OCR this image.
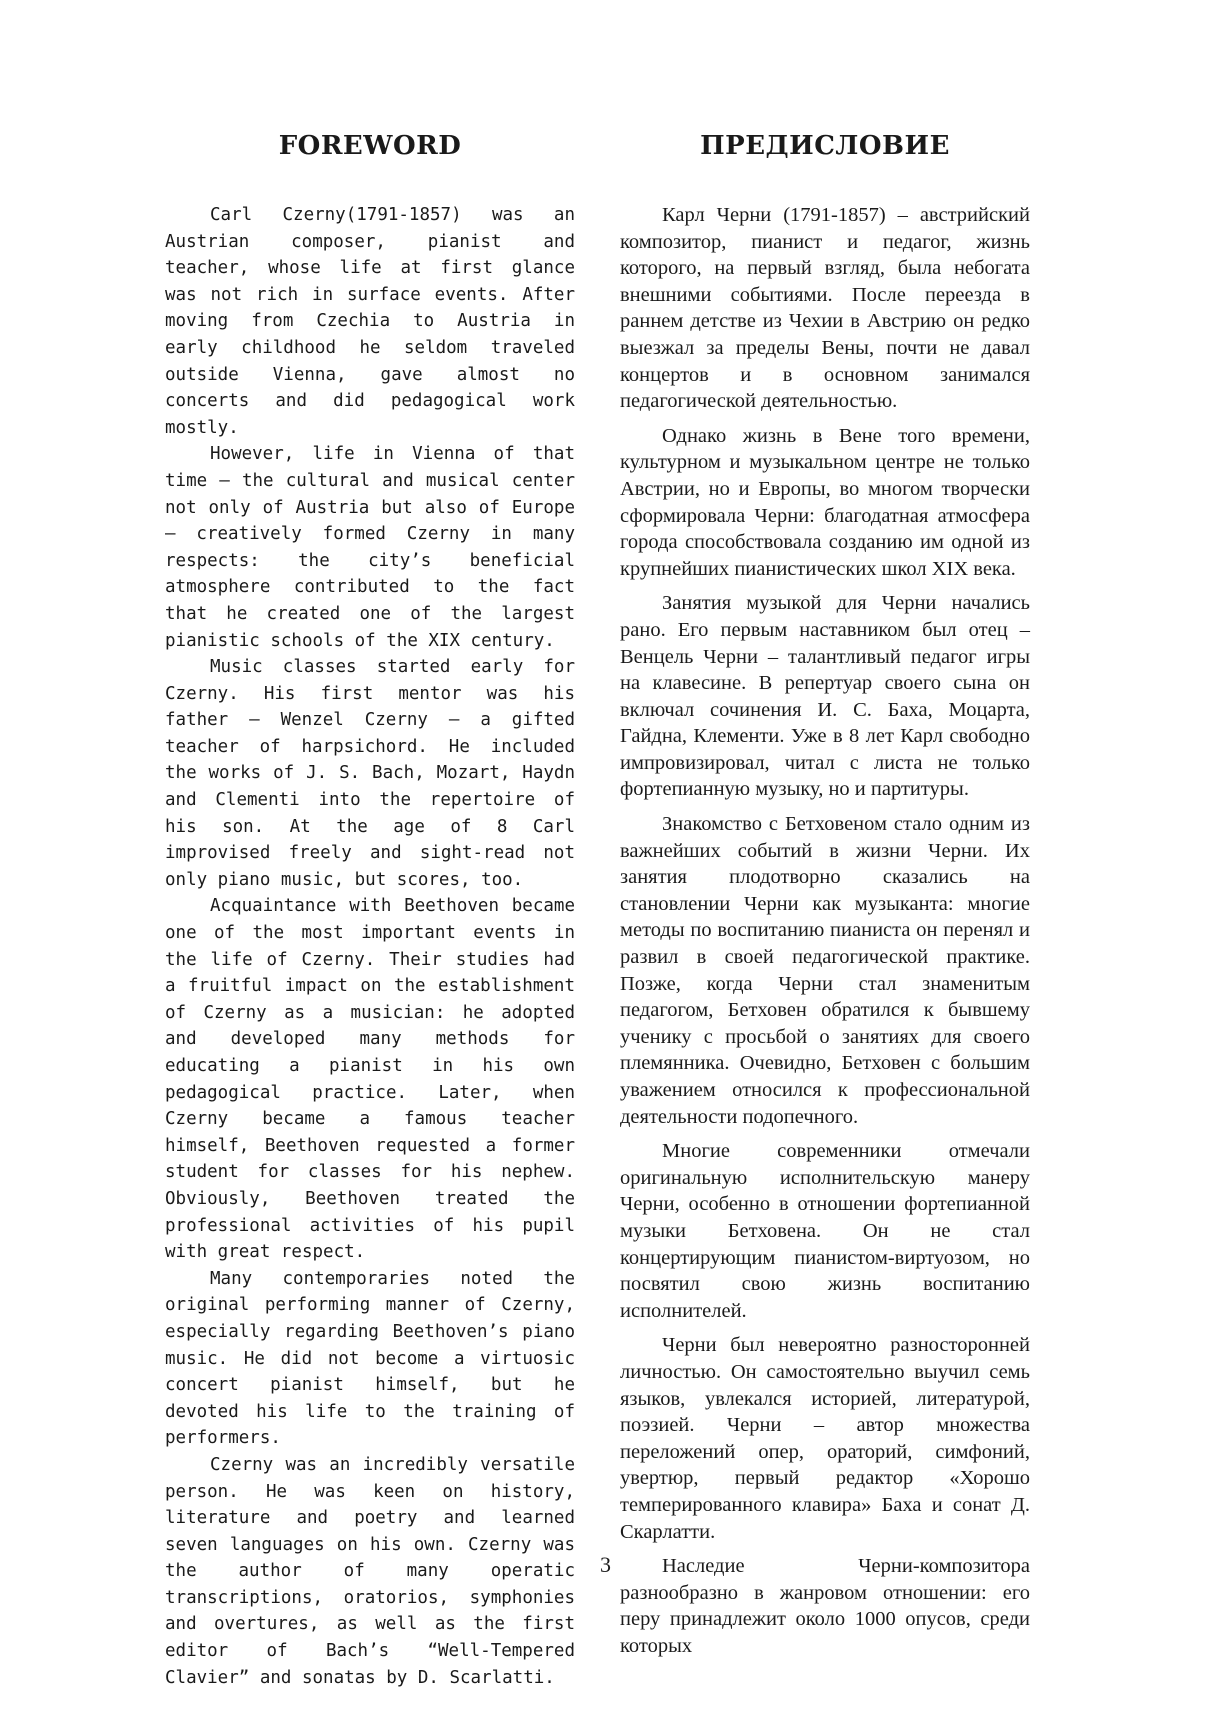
FOREWORD

Carl Czerny(1791-1857) was an Austrian composer, pianist and teacher, whose life at first glance was not rich in surface events. After moving from Czechia to Austria in early childhood he seldom traveled outside Vienna, gave almost no concerts and did pedagogical work mostly.

However, life in Vienna of that time – the cultural and musical center not only of Austria but also of Europe – creatively formed Czerny in many respects: the city’s beneficial atmosphere contributed to the fact that he created one of the largest pianistic schools of the XIX century.

Music classes started early for Czerny. His first mentor was his father – Wenzel Czerny – a gifted teacher of harpsichord. He included the works of J. S. Bach, Mozart, Haydn and Clementi into the repertoire of his son. At the age of 8 Carl improvised freely and sight-read not only piano music, but scores, too.

Acquaintance with Beethoven became one of the most important events in the life of Czerny. Their studies had a fruitful impact on the establishment of Czerny as a musician: he adopted and developed many methods for educating a pianist in his own pedagogical practice. Later, when Czerny became a famous teacher himself, Beethoven requested a former student for classes for his nephew. Obviously, Beethoven treated the professional activities of his pupil with great respect.

Many contemporaries noted the original performing manner of Czerny, especially regarding Beethoven’s piano music. He did not become a virtuosic concert pianist himself, but he devoted his life to the training of performers.

Czerny was an incredibly versatile person. He was keen on history, literature and poetry and learned seven languages on his own. Czerny was the author of many operatic transcriptions, oratorios, symphonies and overtures, as well as the first editor of Bach’s “Well-Tempered Clavier” and sonatas by D. Scarlatti.

ПРЕДИСЛОВИЕ

Карл Черни (1791-1857) – австрийский композитор, пианист и педагог, жизнь которого, на первый взгляд, была небогата внешними событиями. После переезда в раннем детстве из Чехии в Австрию он редко выезжал за пределы Вены, почти не давал концертов и в основном занимался педагогической деятельностью.

Однако жизнь в Вене того времени, культурном и музыкальном центре не только Австрии, но и Европы, во многом творчески сформировала Черни: благодатная атмосфера города способствовала созданию им одной из крупнейших пианистических школ XIX века.

Занятия музыкой для Черни начались рано. Его первым наставником был отец – Венцель Черни – талантливый педагог игры на клавесине. В репертуар своего сына он включал сочинения И. С. Баха, Моцарта, Гайдна, Клементи. Уже в 8 лет Карл свободно импровизировал, читал с листа не только фортепианную музыку, но и партитуры.

Знакомство с Бетховеном стало одним из важнейших событий в жизни Черни. Их занятия плодотворно сказались на становлении Черни как музыканта: многие методы по воспитанию пианиста он перенял и развил в своей педагогической практике. Позже, когда Черни стал знаменитым педагогом, Бетховен обратился к бывшему ученику с просьбой о занятиях для своего племянника. Очевидно, Бетховен с большим уважением относился к профессиональной деятельности подопечного.

Многие современники отмечали оригинальную исполнительскую манеру Черни, особенно в отношении фортепианной музыки Бетховена. Он не стал концертирующим пианистом-виртуозом, но посвятил свою жизнь воспитанию исполнителей.

Черни был невероятно разносторонней личностью. Он самостоятельно выучил семь языков, увлекался историей, литературой, поэзией. Черни – автор множества переложений опер, ораторий, симфоний, увертюр, первый редактор «Хорошо темперированного клавира» Баха и сонат Д. Скарлатти.

Наследие Черни-композитора разнообразно в жанровом отношении: его перу принадлежит около 1000 опусов, среди которых

3
